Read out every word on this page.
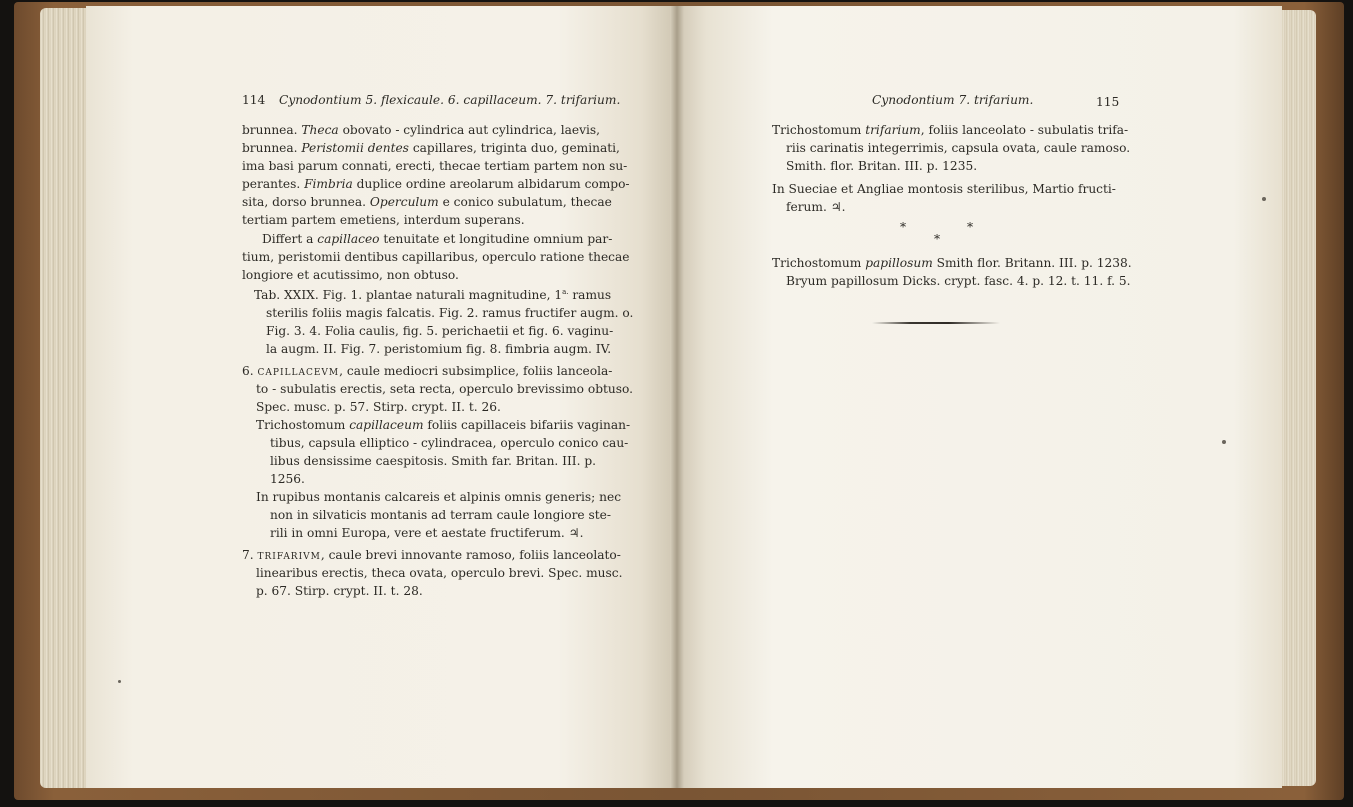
114 Cynodontium 5. flexicaule. 6. capillaceum. 7. trifarium.
brunnea. Theca obovato - cylindrica aut cylindrica, laevis,
brunnea. Peristomii dentes capillares, triginta duo, geminati,
ima basi parum connati, erecti, thecae tertiam partem non su-
perantes. Fimbria duplice ordine areolarum albidarum compo-
sita, dorso brunnea. Operculum e conico subulatum, thecae
tertiam partem emetiens, interdum superans.
Differt a capillaceo tenuitate et longitudine omnium par-
tium, peristomii dentibus capillaribus, operculo ratione thecae
longiore et acutissimo, non obtuso.
Tab. XXIX. Fig. 1. plantae naturali magnitudine, $1^{a.}$ ramus
sterilis foliis magis falcatis. Fig. 2. ramus fructifer augm. o.
Fig. 3. 4. Folia caulis, fig. 5. perichaetii et fig. 6. vaginu-
la augm. II. Fig. 7. peristomium fig. 8. fimbria augm. IV.
6. CAPILLACEVM, caule mediocri subsimplice, foliis lanceola-
to - subulatis erectis, seta recta, operculo brevissimo obtuso.
Spec. musc. p. 57. Stirp. crypt. II. t. 26.
Trichostomum capillaceum foliis capillaceis bifariis vaginan-
tibus, capsula elliptico - cylindracea, operculo conico cau-
libus densissime caespitosis. Smith far. Britan. III. p.
1256.
In rupibus montanis calcareis et alpinis omnis generis; nec
non in silvaticis montanis ad terram caule longiore ste-
rili in omni Europa, vere et aestate fructiferum. ♃.
7. TRIFARIVM, caule brevi innovante ramoso, foliis lanceolato-
linearibus erectis, theca ovata, operculo brevi. Spec. musc.
p. 67. Stirp. crypt. II. t. 28.
Cynodontium 7. trifarium.	115
Trichostomum trifarium, foliis lanceolato - subulatis trifa-
riis carinatis integerrimis, capsula ovata, caule ramoso.
Smith. flor. Britan. III. p. 1235.
In Sueciae et Angliae montosis sterilibus, Martio fructi-
ferum. ♃.
*	*
*
Trichostomum papillosum Smith flor. Britann. III. p. 1238.
Bryum papillosum Dicks. crypt. fasc. 4. p. 12. t. 11. f. 5.
